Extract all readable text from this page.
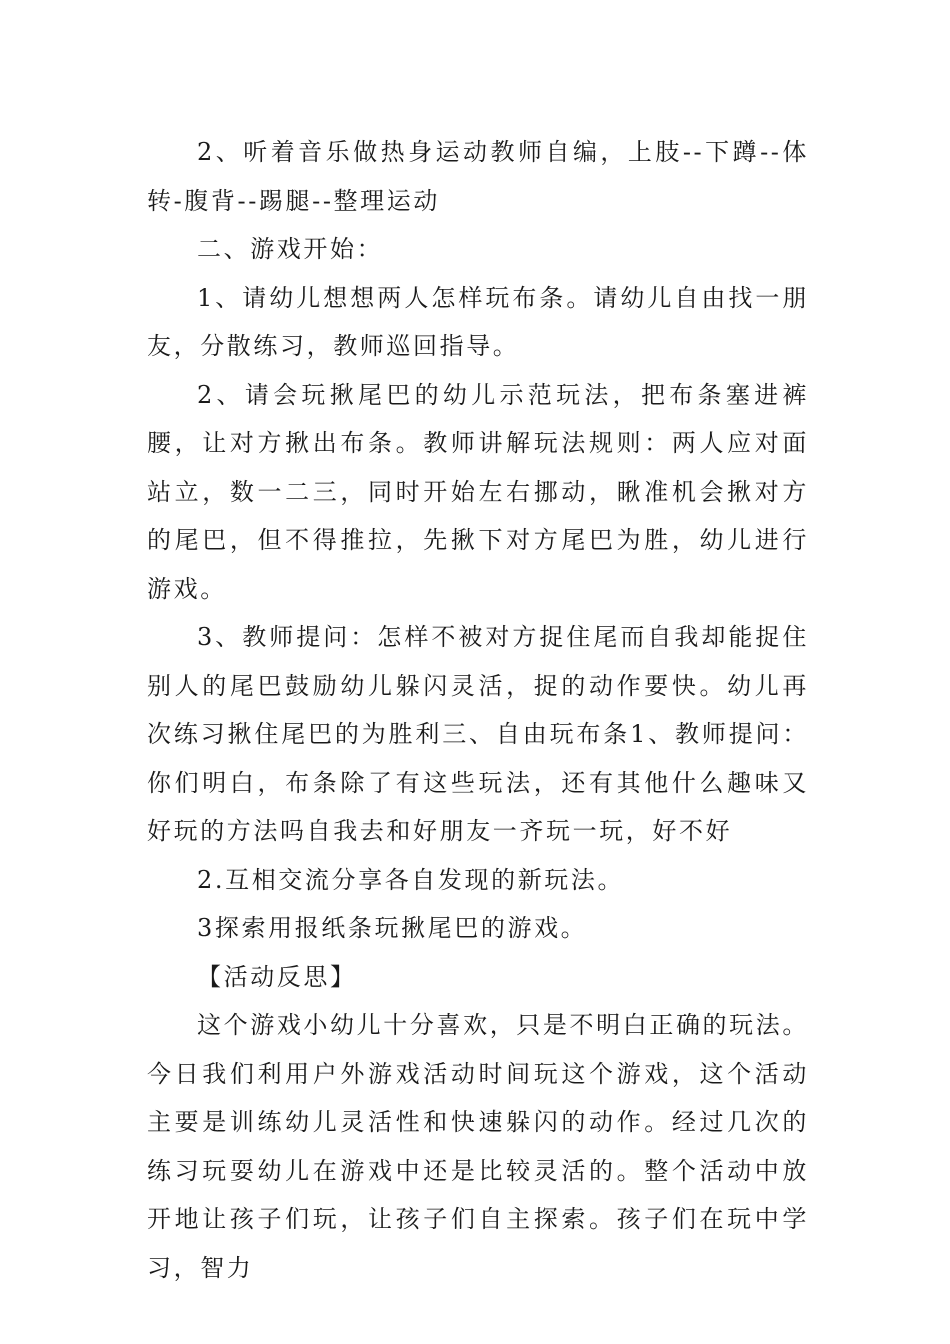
2、听着音乐做热身运动教师自编，上肢--下蹲--体转-腹背--踢腿--整理运动

二、游戏开始：

1、请幼儿想想两人怎样玩布条。请幼儿自由找一朋友，分散练习，教师巡回指导。

2、请会玩揪尾巴的幼儿示范玩法，把布条塞进裤腰，让对方揪出布条。教师讲解玩法规则：两人应对面站立，数一二三，同时开始左右挪动，瞅准机会揪对方的尾巴，但不得推拉，先揪下对方尾巴为胜，幼儿进行游戏。

3、教师提问：怎样不被对方捉住尾而自我却能捉住别人的尾巴鼓励幼儿躲闪灵活，捉的动作要快。幼儿再次练习揪住尾巴的为胜利三、自由玩布条1、教师提问：你们明白，布条除了有这些玩法，还有其他什么趣味又好玩的方法吗自我去和好朋友一齐玩一玩，好不好

2.互相交流分享各自发现的新玩法。

3探索用报纸条玩揪尾巴的游戏。

【活动反思】

这个游戏小幼儿十分喜欢，只是不明白正确的玩法。今日我们利用户外游戏活动时间玩这个游戏，这个活动主要是训练幼儿灵活性和快速躲闪的动作。经过几次的练习玩耍幼儿在游戏中还是比较灵活的。整个活动中放开地让孩子们玩，让孩子们自主探索。孩子们在玩中学习，智力
